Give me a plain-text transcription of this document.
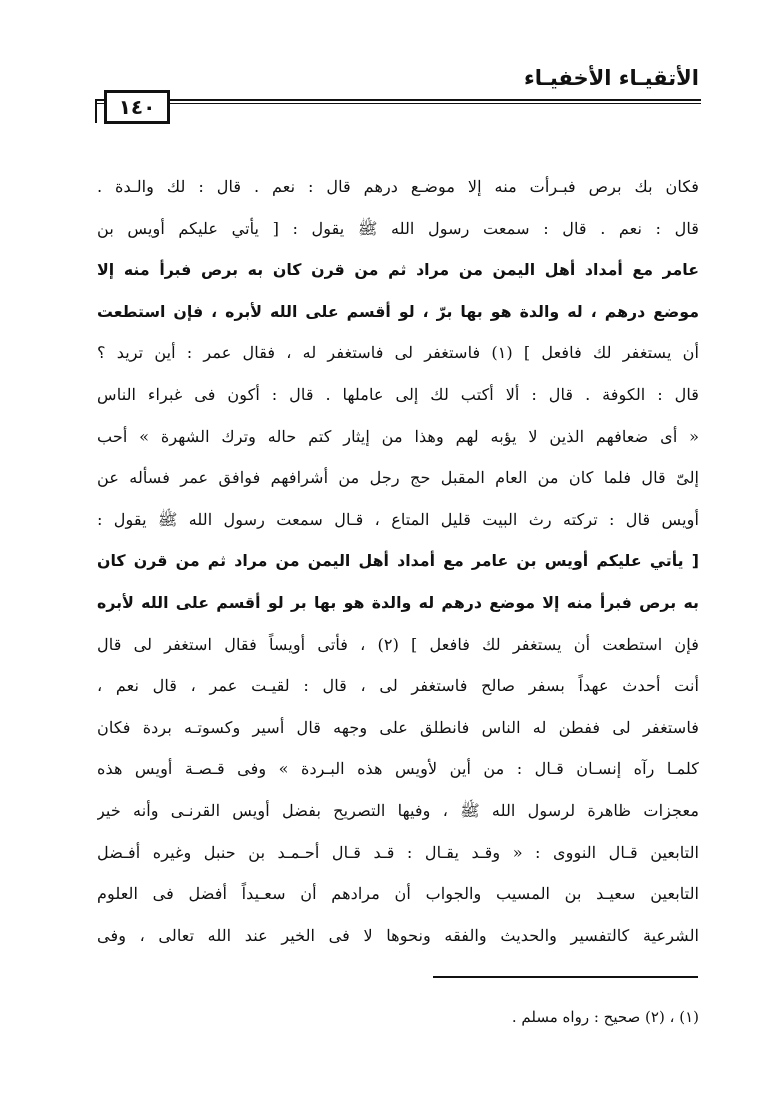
الأتقيـاء الأخفيـاء
١٤٠
فكان بك برص فبـرأت منه إلا موضـع درهم قال : نعم . قال : لك والـدة .
قال : نعم . قال : سمعت رسول الله ﷺ يقول : [ يأتي عليكم أويس بن
عامر مع أمداد أهل اليمن من مراد ثم من قرن كان به برص فبرأ منه إلا
موضع درهم ، له والدة هو بها برّ ، لو أقسم على الله لأبره ، فإن استطعت
أن يستغفر لك فافعل ] (١) فاستغفر لى فاستغفر له ، فقال عمر : أين تريد ؟
قال : الكوفة . قال : ألا أكتب لك إلى عاملها . قال : أكون فى غبراء الناس
« أى ضعافهم الذين لا يؤبه لهم وهذا من إيثار كتم حاله وترك الشهرة » أحب
إلىّ قال فلما كان من العام المقبل حج رجل من أشرافهم فوافق عمر فسأله عن
أويس قال : تركته رث البيت قليل المتاع ، قـال سمعت رسول الله ﷺ يقول :
[ يأتي عليكم أويس بن عامر مع أمداد أهل اليمن من مراد ثم من قرن كان
به برص فبرأ منه إلا موضع درهم له والدة هو بها بر لو أقسم على الله لأبره
فإن استطعت أن يستغفر لك فافعل ] (٢) ، فأتى أويساً فقال استغفر لى قال
أنت أحدث عهداً بسفر صالح فاستغفر لى ، قال : لقيـت عمر ، قال نعم ،
فاستغفر لى ففطن له الناس فانطلق على وجهه قال أسير وكسوتـه بردة فكان
كلمـا رآه إنسـان قـال : من أين لأويس هذه البـردة » وفى قـصـة أويس هذه
معجزات ظاهرة لرسول الله ﷺ ، وفيها التصريح بفضل أويس القرنـى وأنه خير
التابعين قـال النووى : « وقـد يقـال : قـد قـال أحـمـد بن حنبل وغيره أفـضل
التابعين سعيـد بن المسيب والجواب أن مرادهم أن سعـيداً أفضل فى العلوم
الشرعية كالتفسير والحديث والفقه ونحوها لا فى الخير عند الله تعالى ، وفى
(١) ، (٢) صحيح : رواه مسلم .
